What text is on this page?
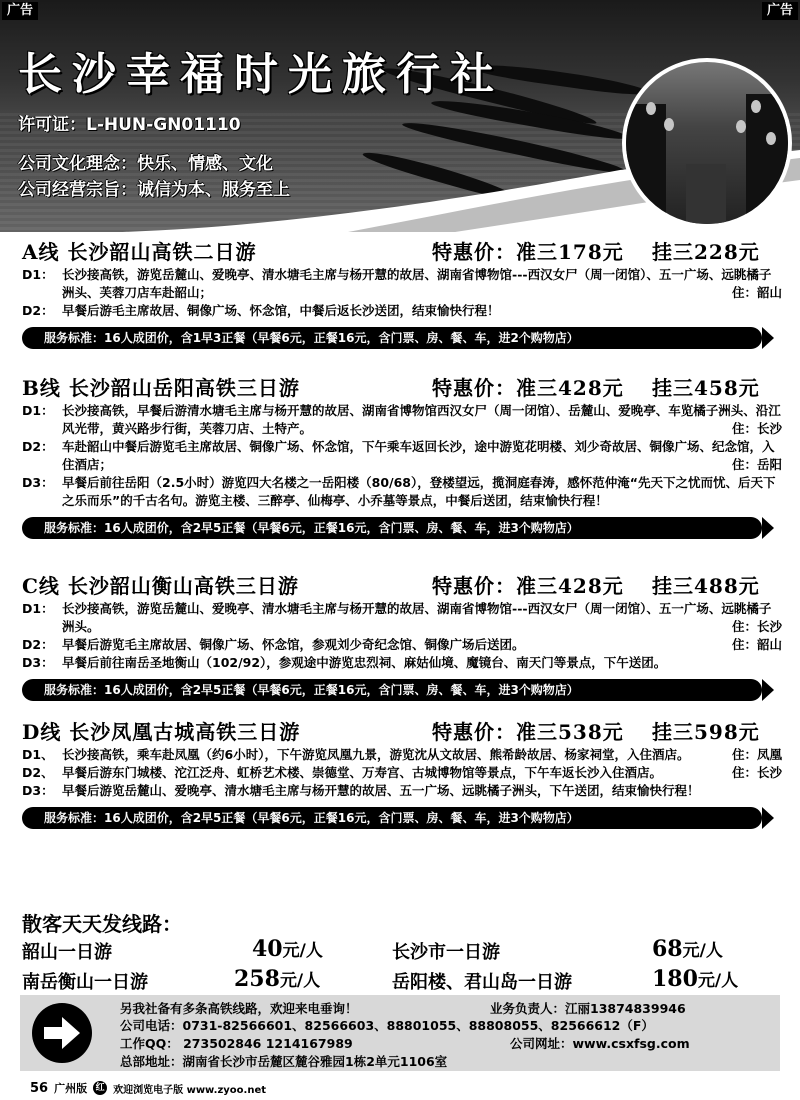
广告	广告
长沙幸福时光旅行社
许可证：L-HUN-GN01110
公司文化理念：快乐、情感、文化
公司经营宗旨：诚信为本、服务至上
A线 长沙韶山高铁二日游	特惠价：准三178元 挂三228元
D1： 长沙接高铁，游览岳麓山、爱晚亭、清水塘毛主席与杨开慧的故居、湖南省博物馆---西汉女尸（周一闭馆）、五一广场、远眺橘子洲头、芙蓉刀店车赴韶山；	住：韶山
D2： 早餐后游毛主席故居、铜像广场、怀念馆，中餐后返长沙送团，结束愉快行程！
服务标准：16人成团价，含1早3正餐（早餐6元，正餐16元，含门票、房、餐、车，进2个购物店）
B线 长沙韶山岳阳高铁三日游	特惠价：准三428元 挂三458元
D1： 长沙接高铁，早餐后游清水塘毛主席与杨开慧的故居、湖南省博物馆西汉女尸（周一闭馆）、岳麓山、爱晚亭、车览橘子洲头、沿江风光带，黄兴路步行街，芙蓉刀店、土特产。	住：长沙
D2： 车赴韶山中餐后游览毛主席故居、铜像广场、怀念馆，下午乘车返回长沙，途中游览花明楼、刘少奇故居、铜像广场、纪念馆，入住酒店；	住：岳阳
D3： 早餐后前往岳阳（2.5小时）游览四大名楼之一岳阳楼（80/68），登楼望远，揽洞庭春涛，感怀范仲淹“先天下之忧而忧、后天下之乐而乐”的千古名句。游览主楼、三醉亭、仙梅亭、小乔墓等景点，中餐后送团，结束愉快行程！
服务标准：16人成团价，含2早5正餐（早餐6元，正餐16元，含门票、房、餐、车，进3个购物店）
C线 长沙韶山衡山高铁三日游	特惠价：准三428元 挂三488元
D1： 长沙接高铁，游览岳麓山、爱晚亭、清水塘毛主席与杨开慧的故居、湖南省博物馆---西汉女尸（周一闭馆）、五一广场、远眺橘子洲头。	住：长沙
D2： 早餐后游览毛主席故居、铜像广场、怀念馆，参观刘少奇纪念馆、铜像广场后送团。	住：韶山
D3： 早餐后前往南岳圣地衡山（102/92），参观途中游览忠烈祠、麻姑仙境、魔镜台、南天门等景点，下午送团。
服务标准：16人成团价，含2早5正餐（早餐6元，正餐16元，含门票、房、餐、车，进3个购物店）
D线 长沙凤凰古城高铁三日游	特惠价：准三538元 挂三598元
D1、 长沙接高铁，乘车赴凤凰（约6小时），下午游览凤凰九景，游览沈从文故居、熊希龄故居、杨家祠堂，入住酒店。	住：凤凰
D2、 早餐后游东门城楼、沱江泛舟、虹桥艺术楼、崇德堂、万寿宫、古城博物馆等景点，下午车返长沙入住酒店。	住：长沙
D3： 早餐后游览岳麓山、爱晚亭、清水塘毛主席与杨开慧的故居、五一广场、远眺橘子洲头，下午送团，结束愉快行程！
服务标准：16人成团价，含2早5正餐（早餐6元，正餐16元，含门票、房、餐、车，进3个购物店）
散客天天发线路：
韶山一日游	40元/人	长沙市一日游	68元/人
南岳衡山一日游	258元/人	岳阳楼、君山岛一日游	180元/人
另我社备有多条高铁线路，欢迎来电垂询！	业务负责人：江丽13874839946
公司电话：0731-82566601、82566603、88801055、88808055、82566612（F）
工作QQ： 273502846 1214167989	公司网址：www.csxfsg.com
总部地址：湖南省长沙市岳麓区麓谷雅园1栋2单元1106室
56 广州版 红 欢迎浏览电子版 www.zyoo.net
